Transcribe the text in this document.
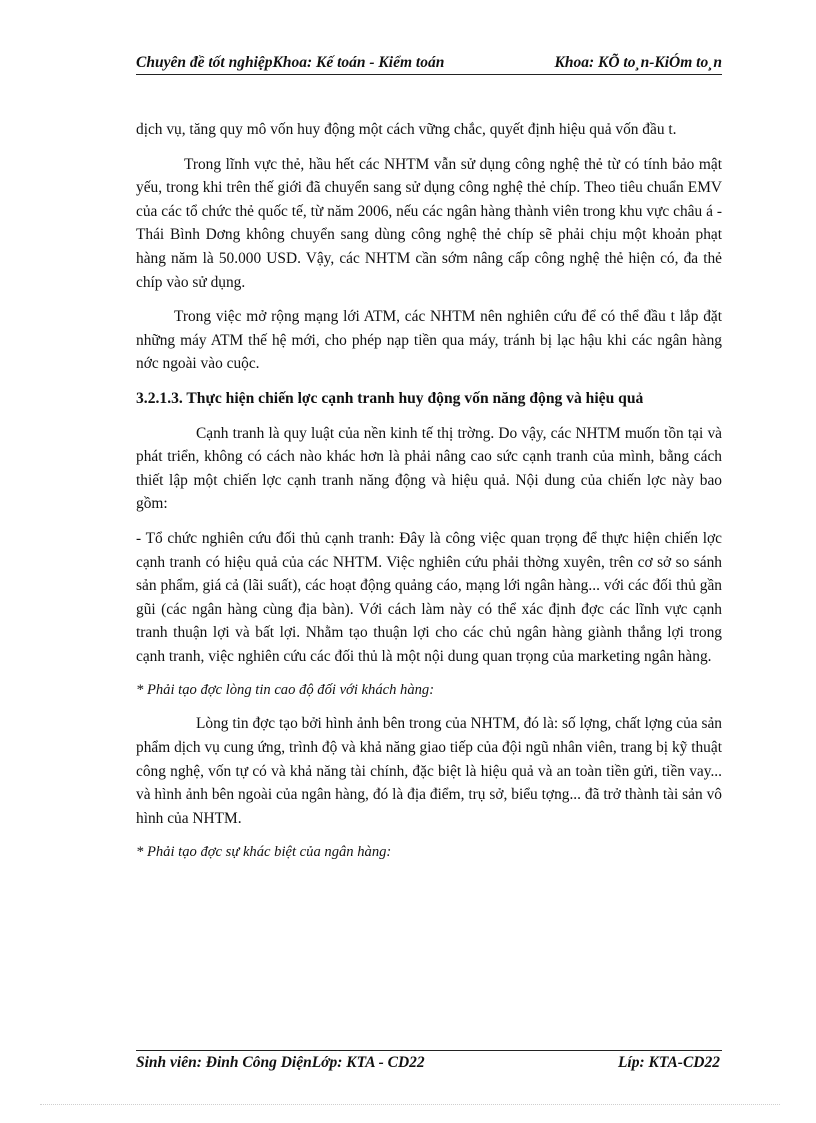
Chuyên đề tốt nghiệpKhoa: Kế toán - Kiểm toán	Khoa: KÕ to¸n-KiÓm to¸n

dịch vụ, tăng quy mô vốn huy động một cách vững chắc, quyết định hiệu quả vốn đầu t.

Trong lĩnh vực thẻ, hầu hết các NHTM vẫn sử dụng công nghệ thẻ từ có tính bảo mật yếu, trong khi trên thế giới đã chuyển sang sử dụng công nghệ thẻ chíp. Theo tiêu chuẩn EMV của các tổ chức thẻ quốc tế, từ năm 2006, nếu các ngân hàng thành viên trong khu vực châu á -Thái Bình Dơng không chuyển sang dùng công nghệ thẻ chíp sẽ phải chịu một khoản phạt hàng năm là 50.000 USD. Vậy, các NHTM cần sớm nâng cấp công nghệ thẻ hiện có, đa thẻ chíp vào sử dụng.

Trong việc mở rộng mạng lới ATM, các NHTM nên nghiên cứu để có thể đầu t lắp đặt những máy ATM thế hệ mới, cho phép nạp tiền qua máy, tránh bị lạc hậu khi các ngân hàng nớc ngoài vào cuộc.

3.2.1.3. Thực hiện chiến lợc cạnh tranh huy động vốn năng động và hiệu quả

Cạnh tranh là quy luật của nền kinh tế thị trờng. Do vậy, các NHTM muốn tồn tại và phát triển, không có cách nào khác hơn là phải nâng cao sức cạnh tranh của mình, bằng cách thiết lập một chiến lợc cạnh tranh năng động và hiệu quả. Nội dung của chiến lợc này bao gồm:

- Tổ chức nghiên cứu đối thủ cạnh tranh: Đây là công việc quan trọng để thực hiện chiến lợc cạnh tranh có hiệu quả của các NHTM. Việc nghiên cứu phải thờng xuyên, trên cơ sở so sánh sản phẩm, giá cả (lãi suất), các hoạt động quảng cáo, mạng lới ngân hàng... với các đối thủ gần gũi (các ngân hàng cùng địa bàn). Với cách làm này có thể xác định đợc các lĩnh vực cạnh tranh thuận lợi và bất lợi. Nhằm tạo thuận lợi cho các chủ ngân hàng giành thắng lợi trong cạnh tranh, việc nghiên cứu các đối thủ là một nội dung quan trọng của marketing ngân hàng.

* Phải tạo đợc lòng tin cao độ đối với khách hàng:

Lòng tin đợc tạo bởi hình ảnh bên trong của NHTM, đó là: số lợng, chất lợng của sản phẩm dịch vụ cung ứng, trình độ và khả năng giao tiếp của đội ngũ nhân viên, trang bị kỹ thuật công nghệ, vốn tự có và khả năng tài chính, đặc biệt là hiệu quả và an toàn tiền gửi, tiền vay... và hình ảnh bên ngoài của ngân hàng, đó là địa điểm, trụ sở, biểu tợng... đã trở thành tài sản vô hình của NHTM.

* Phải tạo đợc sự khác biệt của ngân hàng:
Sinh viên: Đinh Công DiệnLớp: KTA - CD22	Líp: KTA-CD22
